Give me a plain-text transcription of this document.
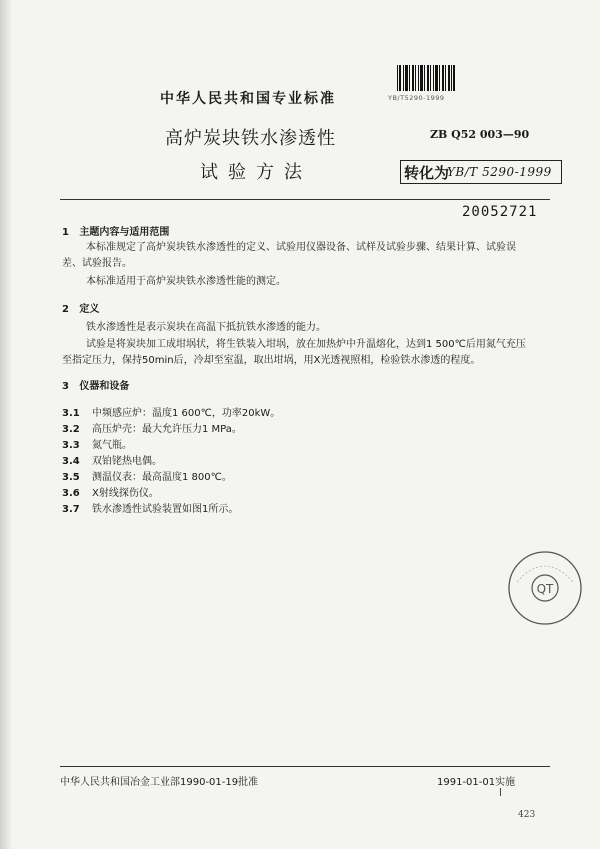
中华人民共和国专业标准	YB/T5290-1999
ZB Q52 003—90
高炉炭块铁水渗透性
试验方法	转化为
YB/T 5290-1999
20052721
1 主题内容与适用范围
本标准规定了高炉炭块铁水渗透性的定义、试验用仪器设备、试样及试验步骤、结果计算、试验误差、试验报告。
本标准适用于高炉炭块铁水渗透性能的测定。
2 定义
铁水渗透性是表示炭块在高温下抵抗铁水渗透的能力。
试验是将炭块加工成坩埚状，将生铁装入坩埚，放在加热炉中升温熔化，达到1 500℃后用氮气充压至指定压力，保持50min后，冷却至室温，取出坩埚，用X光透视照相，检验铁水渗透的程度。
3 仪器和设备
3.1 中频感应炉：温度1 600℃，功率20kW。
3.2 高压炉壳：最大允许压力1 MPa。
3.3 氮气瓶。
3.4 双铂铑热电偶。
3.5 测温仪表：最高温度1 800℃。
3.6 X射线探伤仪。
3.7 铁水渗透性试验装置如图1所示。
QT
中华人民共和国冶金工业部1990-01-19批准	1991-01-01实施
423
